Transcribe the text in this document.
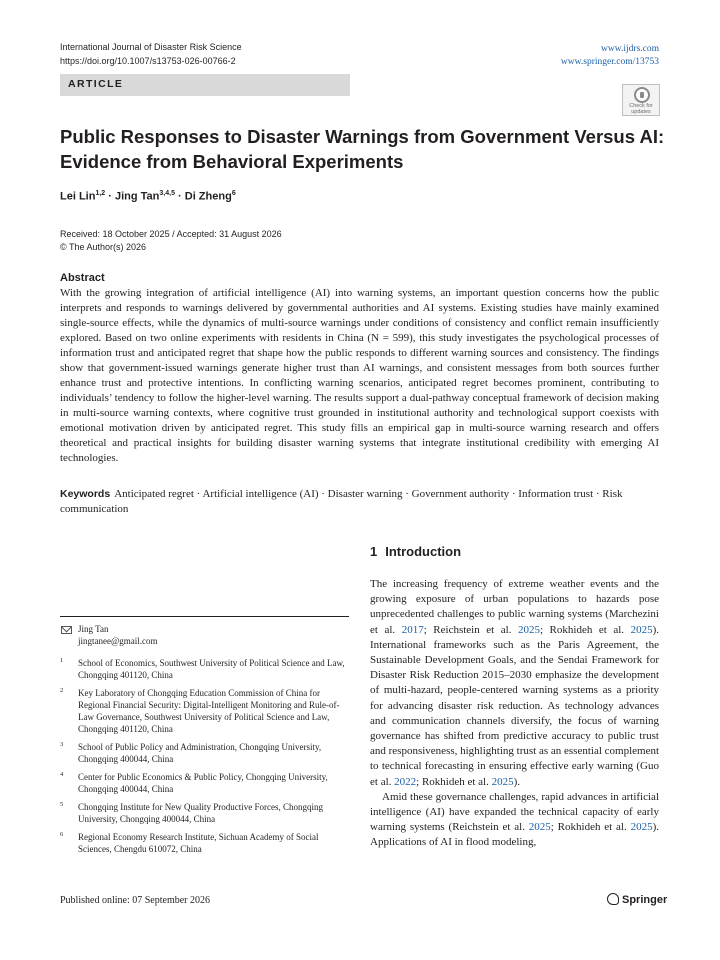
International Journal of Disaster Risk Science
https://doi.org/10.1007/s13753-026-00766-2
www.ijdrs.com
www.springer.com/13753
ARTICLE
Check for
updates
Public Responses to Disaster Warnings from Government Versus AI: Evidence from Behavioral Experiments
Lei Lin$^{1,2}$ · Jing Tan$^{3,4,5}$ · Di Zheng$^6$
Received: 18 October 2025 / Accepted: 31 August 2026
© The Author(s) 2026
Abstract

With the growing integration of artificial intelligence (AI) into warning systems, an important question concerns how the public interprets and responds to warnings delivered by governmental authorities and AI systems. Existing studies have mainly examined single-source effects, while the dynamics of multi-source warnings under conditions of consistency and conflict remain insufficiently explored. Based on two online experiments with residents in China (N = 599), this study investigates the psychological processes of information trust and anticipated regret that shape how the public responds to different warning sources and consistency. The findings show that government-issued warnings generate higher trust than AI warnings, and consistent messages from both sources further enhance trust and protective intentions. In conflicting warning scenarios, anticipated regret becomes prominent, contributing to individuals’ tendency to follow the higher-level warning. The results support a dual-pathway conceptual framework of decision making in multi-source warning contexts, where cognitive trust grounded in institutional authority and technological support coexists with emotional motivation driven by anticipated regret. This study fills an empirical gap in multi-source warning research and offers theoretical and practical insights for building disaster warning systems that integrate institutional credibility with emerging AI technologies.

Keywords Anticipated regret · Artificial intelligence (AI) · Disaster warning · Government authority · Information trust · Risk communication
1 Introduction

The increasing frequency of extreme weather events and the growing exposure of urban populations to hazards pose unprecedented challenges to public warning systems (Marchezini et al. 2017; Reichstein et al. 2025; Rokhideh et al. 2025). International frameworks such as the Paris Agreement, the Sustainable Development Goals, and the Sendai Framework for Disaster Risk Reduction 2015–2030 emphasize the development of multi-hazard, people-centered warning systems as a priority for advancing disaster risk reduction. As technology advances and communication channels diversify, the focus of warning governance has shifted from predictive accuracy to public trust and responsiveness, highlighting trust as an essential complement to technical forecasting in ensuring effective early warning (Guo et al. 2022; Rokhideh et al. 2025).

Amid these governance challenges, rapid advances in artificial intelligence (AI) have expanded the technical capacity of early warning systems (Reichstein et al. 2025; Rokhideh et al. 2025). Applications of AI in flood modeling,

Jing Tan
jingtanee@gmail.com
1 School of Economics, Southwest University of Political Science and Law, Chongqing 401120, China
2 Key Laboratory of Chongqing Education Commission of China for Regional Financial Security: Digital-Intelligent Monitoring and Rule-of-Law Governance, Southwest University of Political Science and Law, Chongqing 401120, China
3 School of Public Policy and Administration, Chongqing University, Chongqing 400044, China
4 Center for Public Economics & Public Policy, Chongqing University, Chongqing 400044, China
5 Chongqing Institute for New Quality Productive Forces, Chongqing University, Chongqing 400044, China
6 Regional Economy Research Institute, Sichuan Academy of Social Sciences, Chengdu 610072, China
Published online: 07 September 2026	Springer
